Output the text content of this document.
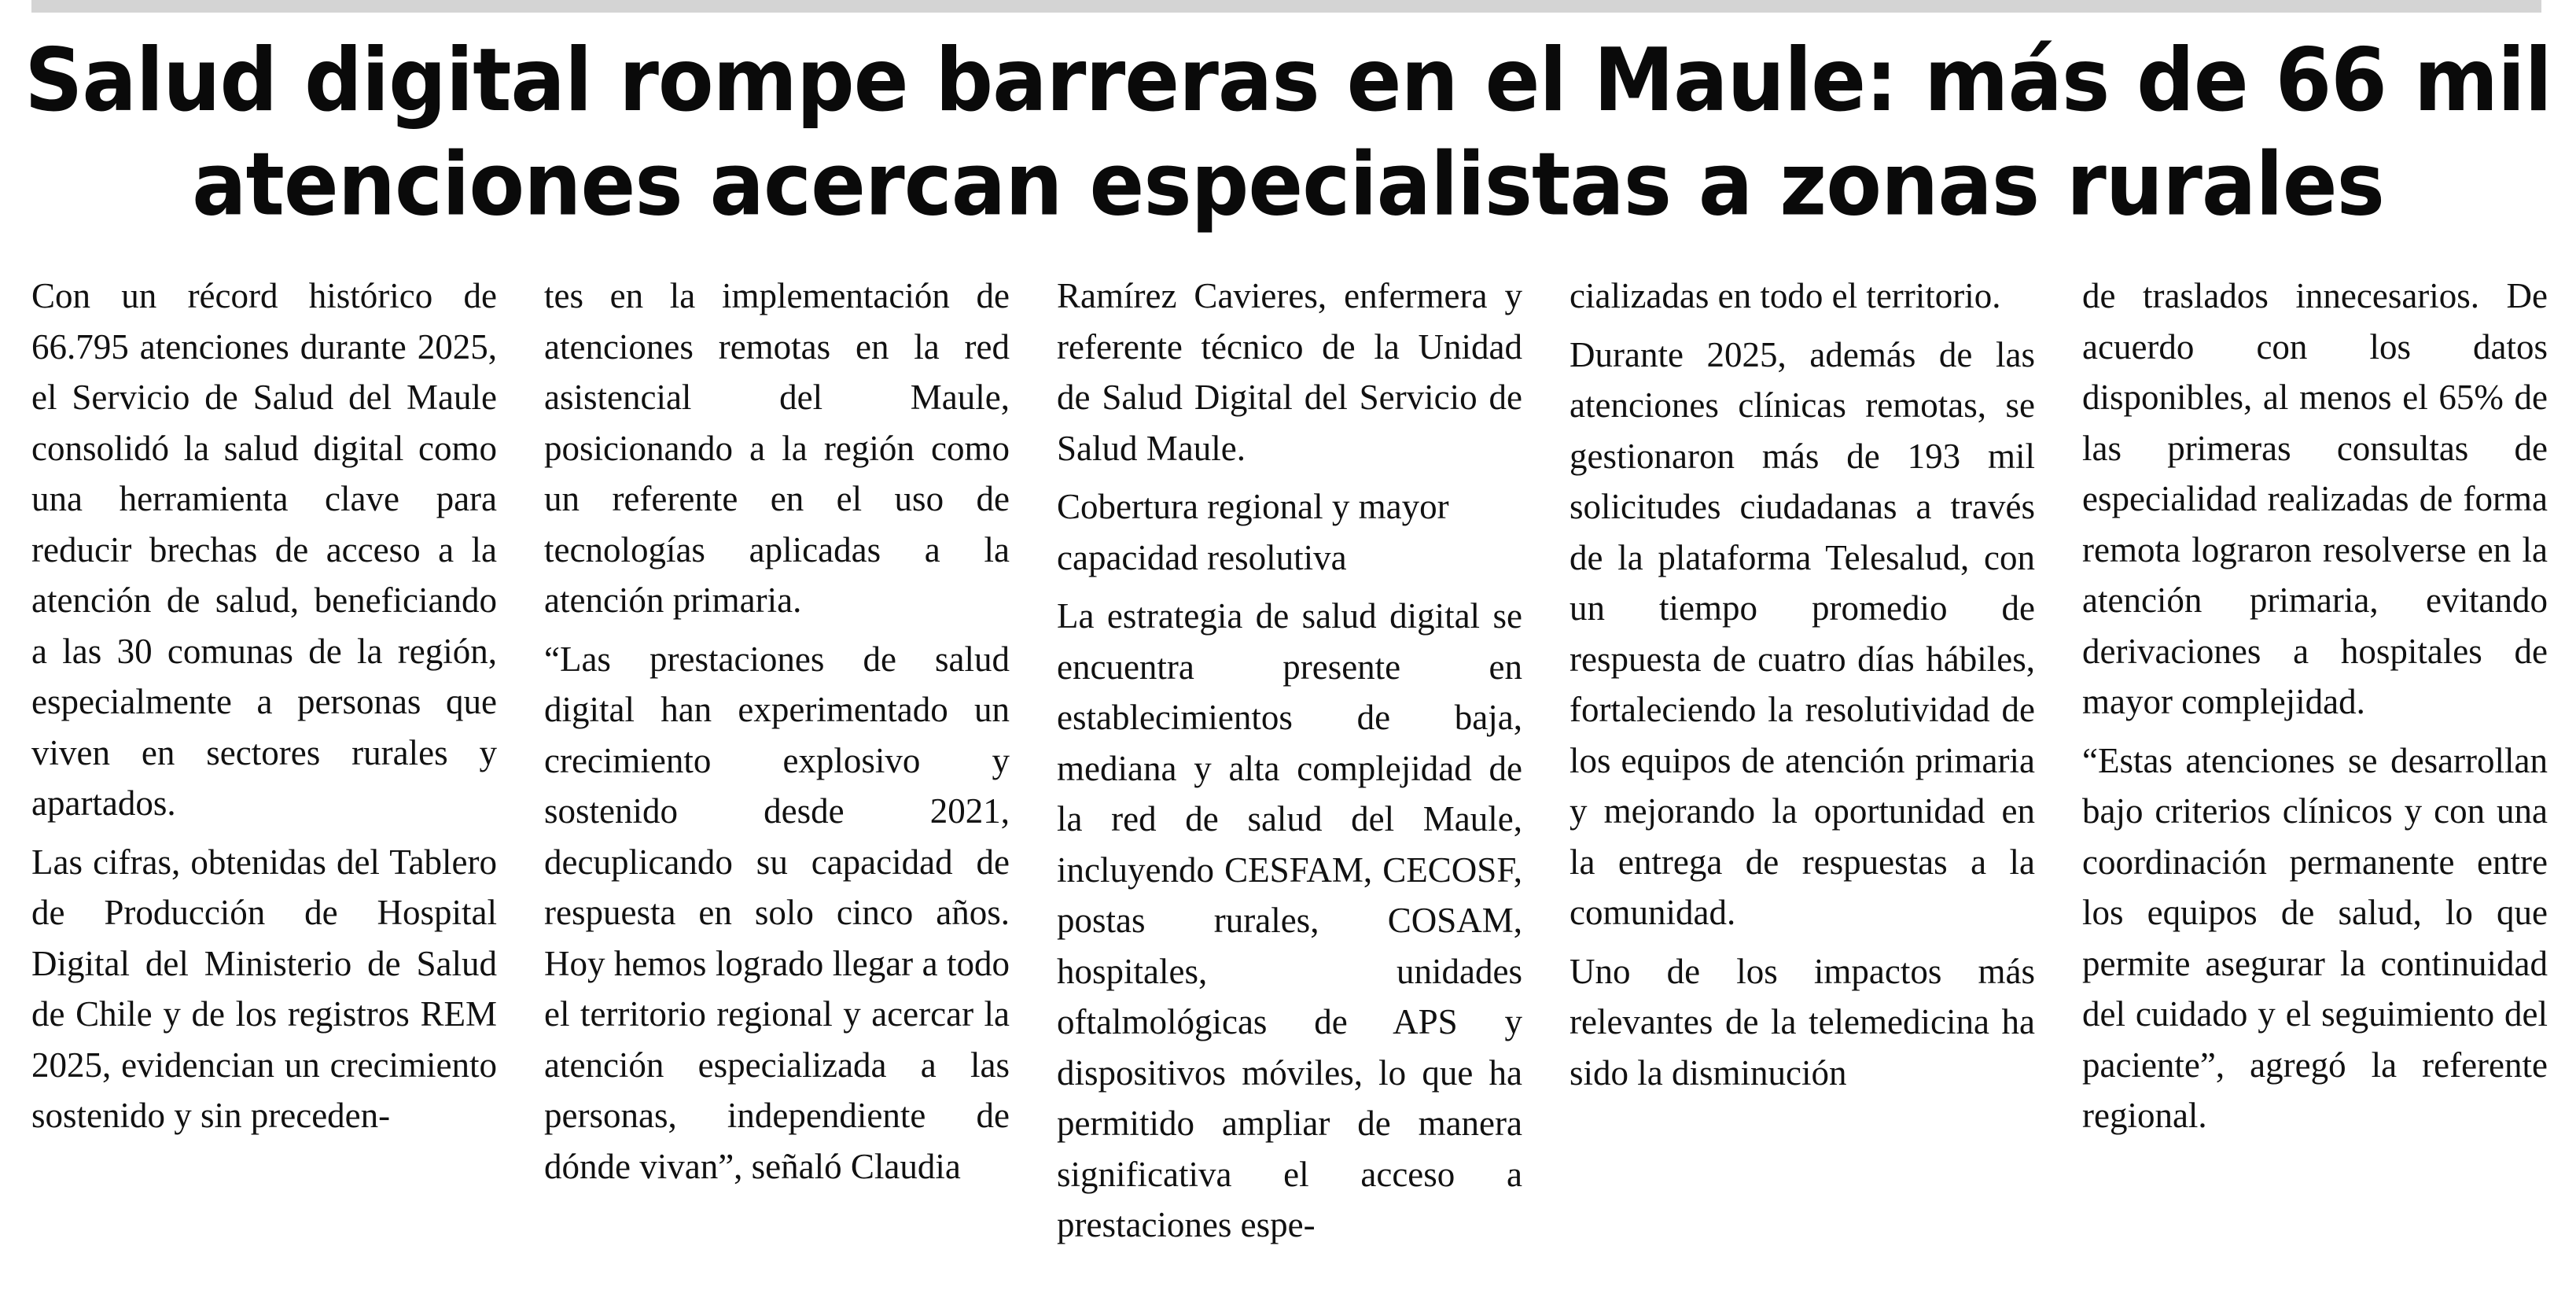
Salud digital rompe barreras en el Maule: más de 66 mil
atenciones acercan especialistas a zonas rurales

Con un récord histórico de 66.795 atenciones durante 2025, el Servicio de Salud del Maule consolidó la salud digital como una herramienta clave para reducir brechas de acceso a la atención de salud, beneficiando a las 30 comunas de la región, especialmente a personas que viven en sectores rurales y apartados.

Las cifras, obtenidas del Tablero de Producción de Hospital Digital del Ministerio de Salud de Chile y de los registros REM 2025, evidencian un crecimiento sostenido y sin preceden-

tes en la implementación de atenciones remotas en la red asistencial del Maule, posicionando a la región como un referente en el uso de tecnologías aplicadas a la atención primaria.

“Las prestaciones de salud digital han experimentado un crecimiento explosivo y sostenido desde 2021, decuplicando su capacidad de respuesta en solo cinco años. Hoy hemos logrado llegar a todo el territorio regional y acercar la atención especializada a las personas, independiente de dónde vivan”, señaló Claudia

Ramírez Cavieres, enfermera y referente técnico de la Unidad de Salud Digital del Servicio de Salud Maule.

Cobertura regional y mayor capacidad resolutiva

La estrategia de salud digital se encuentra presente en establecimientos de baja, mediana y alta complejidad de la red de salud del Maule, incluyendo CESFAM, CECOSF, postas rurales, COSAM, hospitales, unidades oftalmológicas de APS y dispositivos móviles, lo que ha permitido ampliar de manera significativa el acceso a prestaciones espe-

cializadas en todo el territorio.

Durante 2025, además de las atenciones clínicas remotas, se gestionaron más de 193 mil solicitudes ciudadanas a través de la plataforma Telesalud, con un tiempo promedio de respuesta de cuatro días hábiles, fortaleciendo la resolutividad de los equipos de atención primaria y mejorando la oportunidad en la entrega de respuestas a la comunidad.

Uno de los impactos más relevantes de la telemedicina ha sido la disminución

de traslados innecesarios. De acuerdo con los datos disponibles, al menos el 65% de las primeras consultas de especialidad realizadas de forma remota lograron resolverse en la atención primaria, evitando derivaciones a hospitales de mayor complejidad.

“Estas atenciones se desarrollan bajo criterios clínicos y con una coordinación permanente entre los equipos de salud, lo que permite asegurar la continuidad del cuidado y el seguimiento del paciente”, agregó la referente regional.
